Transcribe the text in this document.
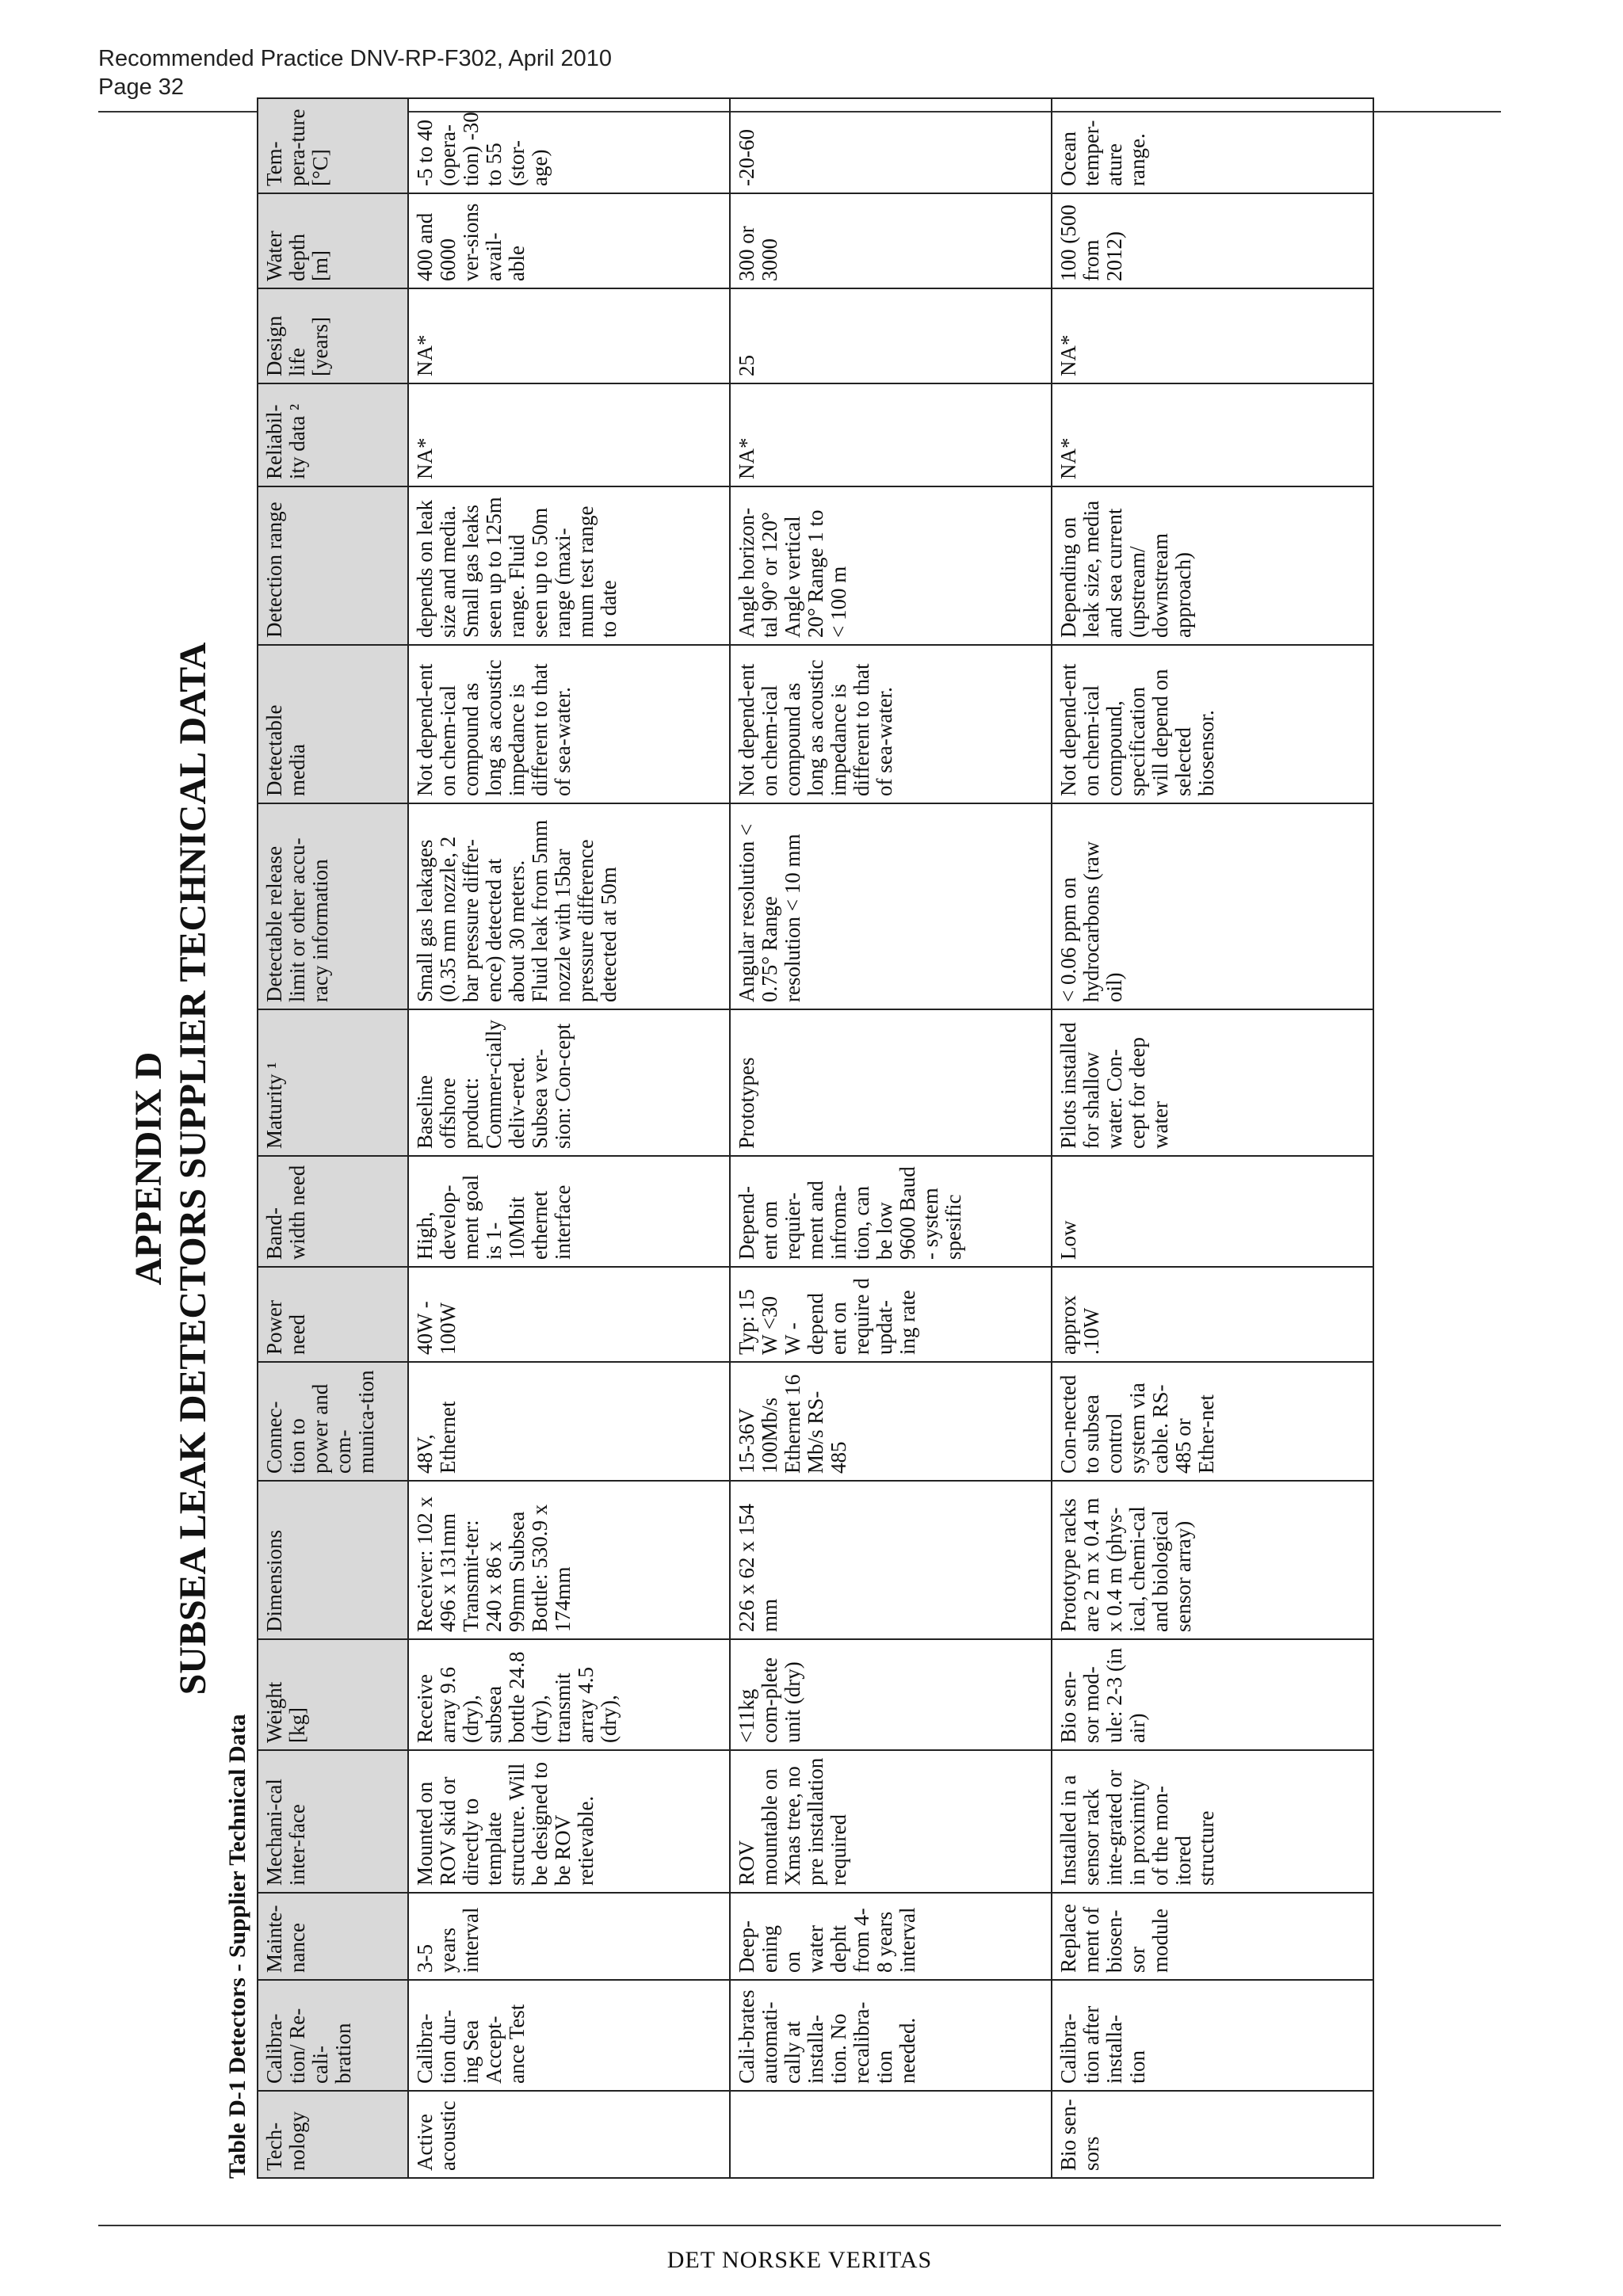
Recommended Practice DNV-RP-F302, April 2010
Page 32
APPENDIX D SUBSEA LEAK DETECTORS SUPPLIER TECHNICAL DATA
Table D-1 Detectors - Supplier Technical Data Tech-nology	Calibra-tion/ Re-cali-bration	Mainte-nance	Mechani-cal inter-face	Weight [kg]	Dimensions	Connec-tion to power and com-munica-tion	Power need	Band-width need	Maturity ¹	Detectable release limit or other accu-racy information	Detectable media	Detection range	Reliabil-ity data ²	Design life [years]	Water depth [m]	Tem-pera-ture [°C]
Active acoustic	Calibra-tion dur-ing Sea Accept-ance Test	3-5 years interval	Mounted on ROV skid or directly to template structure. Will be designed to be ROV retievable.	Receive array 9.6 (dry), subsea bottle 24.8 (dry), transmit array 4.5 (dry),	Receiver: 102 x 496 x 131mm Transmit-ter: 240 x 86 x 99mm Subsea Bottle: 530.9 x 174mm	48V, Ethernet	40W - 100W	High, develop-ment goal is 1-10Mbit ethernet interface	Baseline offshore product: Commer-cially deliv-ered. Subsea ver-sion: Con-cept	Small gas leakages (0.35 mm nozzle, 2 bar pressure differ-ence) detected at about 30 meters. Fluid leak from 5mm nozzle with 15bar pressure difference detected at 50m	Not depend-ent on chem-ical compound as long as acoustic impedance is different to that of sea-water.	depends on leak size and media. Small gas leaks seen up to 125m range. Fluid seen up to 50m range (maxi-mum test range to date	NA*	NA*	400 and 6000 ver-sions avail-able	-5 to 40 (opera-tion) -30 to 55 (stor-age)
	Cali-brates automati-cally at installa-tion. No recalibra-tion needed.	Deep-ening on water depht from 4-8 years interval	ROV mountable on Xmas tree, no pre installation required	<11kg com-plete unit (dry)	226 x 62 x 154 mm	15-36V 100Mb/s Ethernet 16 Mb/s RS-485	Typ: 15 W <30 W - depend ent on require d updat-ing rate	Depend-ent om requier-ment and infroma-tion, can be low 9600 Baud - system spesific	Prototypes	Angular resolution < 0.75° Range resolution < 10 mm	Not depend-ent on chem-ical compound as long as acoustic impedance is different to that of sea-water.	Angle horizon-tal 90° or 120° Angle vertical 20° Range 1 to < 100 m	NA*	25	300 or 3000	-20-60
Bio sen-sors	Calibra-tion after installa-tion	Replace ment of biosen-sor module	Installed in a sensor rack inte-grated or in proximity of the mon-itored structure	Bio sen-sor mod-ule: 2-3 (in air)	Prototype racks are 2 m x 0.4 m x 0.4 m (phys-ical, chemi-cal and biological sensor array)	Con-nected to subsea control system via cable. RS-485 or Ether-net	approx .10W	Low	Pilots installed for shallow water. Con-cept for deep water	< 0.06 ppm on hydrocarbons (raw oil)	Not depend-ent on chem-ical compound, specification will depend on selected biosensor.	Depending on leak size, media and sea current (upstream/ downstream approach)	NA*	NA*	100 (500 from 2012)	Ocean temper-ature range.
DET NORSKE VERITAS
